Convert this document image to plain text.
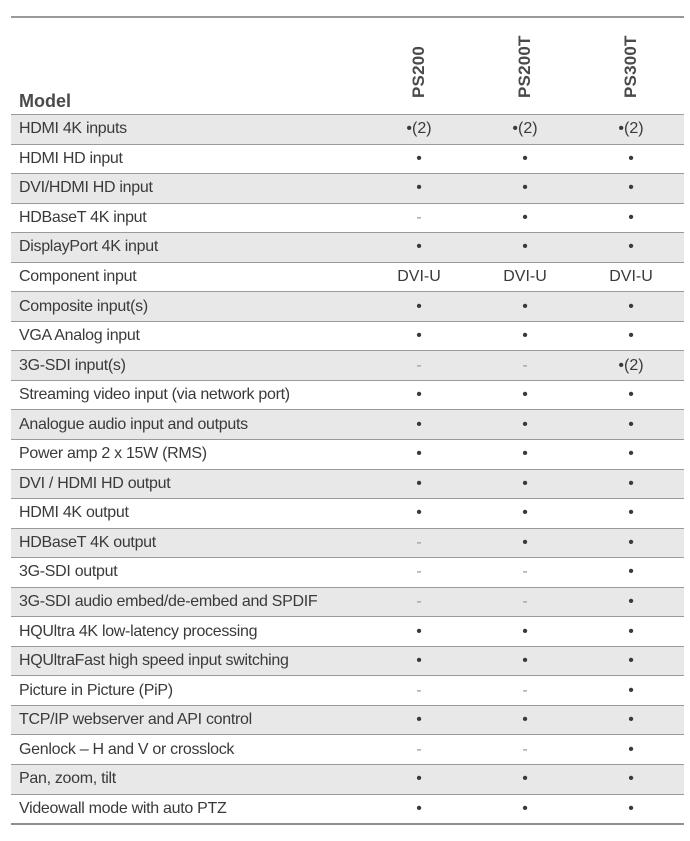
Model	PS200	PS200T	PS300T

HDMI 4K inputs	•(2)	•(2)	•(2)
HDMI HD input	•	•	•
DVI/HDMI HD input	•	•	•
HDBaseT 4K input	-	•	•
DisplayPort 4K input	•	•	•
Component input	DVI-U	DVI-U	DVI-U
Composite input(s)	•	•	•
VGA Analog input	•	•	•
3G-SDI input(s)	-	-	•(2)
Streaming video input (via network port)	•	•	•
Analogue audio input and outputs	•	•	•
Power amp 2 x 15W (RMS)	•	•	•
DVI / HDMI HD output	•	•	•
HDMI 4K output	•	•	•
HDBaseT 4K output	-	•	•
3G-SDI output	-	-	•
3G-SDI audio embed/de-embed and SPDIF	-	-	•
HQUltra 4K low-latency processing	•	•	•
HQUltraFast high speed input switching	•	•	•
Picture in Picture (PiP)	-	-	•
TCP/IP webserver and API control	•	•	•
Genlock – H and V or crosslock	-	-	•
Pan, zoom, tilt	•	•	•
Videowall mode with auto PTZ	•	•	•
